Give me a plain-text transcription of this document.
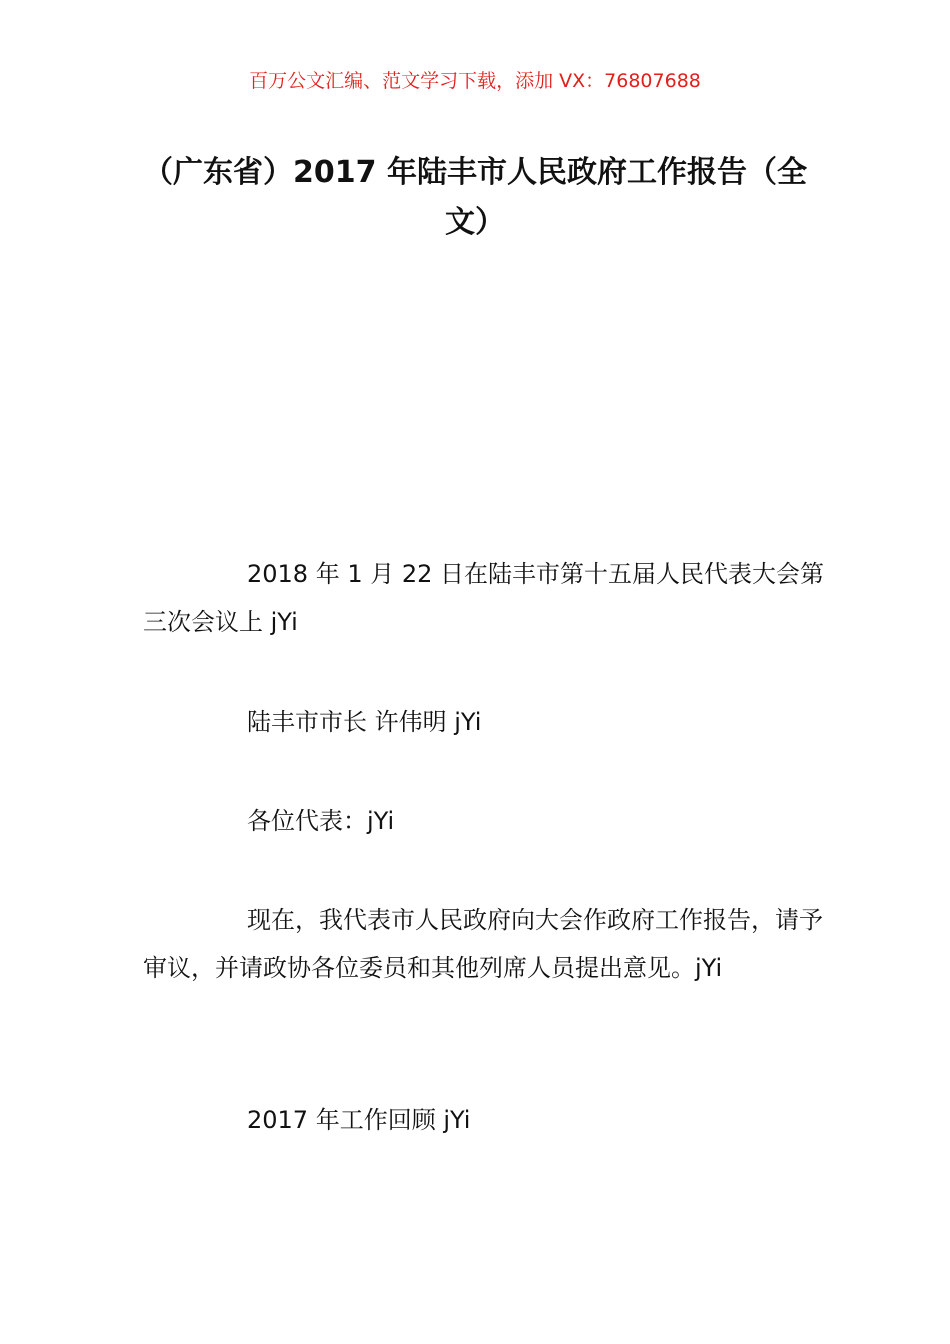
百万公文汇编、范文学习下载，添加 VX：76807688
（广东省）2017 年陆丰市人民政府工作报告（全文）

2018 年 1 月 22 日在陆丰市第十五届人民代表大会第三次会议上 jYi

陆丰市市长 许伟明 jYi

各位代表：jYi

现在，我代表市人民政府向大会作政府工作报告，请予审议，并请政协各位委员和其他列席人员提出意见。jYi

2017 年工作回顾 jYi
